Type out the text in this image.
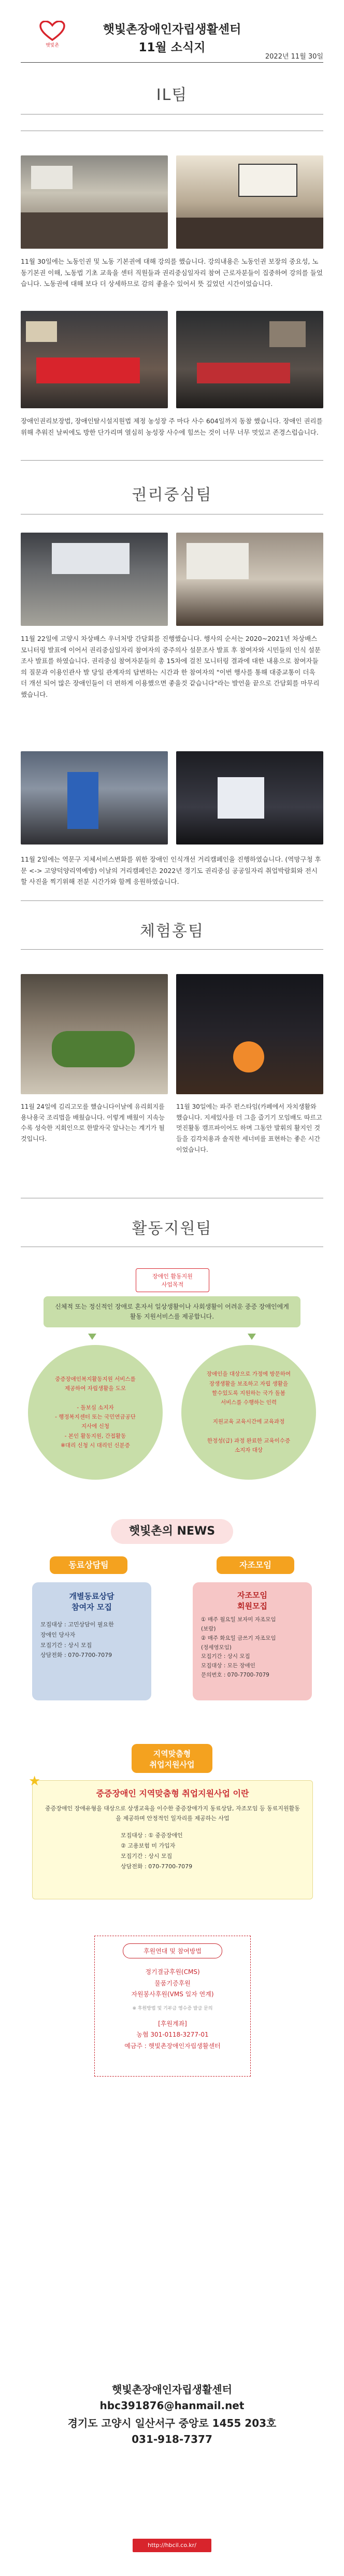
햇빛촌
햇빛촌장애인자립생활센터
11월 소식지
2022년 11월 30일
IL팀
11월 30일에는 노동인권 및 노동 기본권에 대해 강의를 했습니다. 강의내용은 노동인권 보장의 중요성, 노동기본권 이해, 노동법 기초 교육을 센터 직원들과 권리중심일자리 참여 근로자분들이 집중하여 강의를 들었습니다. 노동권에 대해 보다 더 상세하므로 감의 좋을수 있어서 뜻 깊었던 시간이었습니다.
장애인권리보장법, 장애인탈시설지원법 제정 농성장 주 마다 사수 604일까지 동참 했습니다. 장애인 권리를위해 추워진 날씨에도 방한 단가리며 열심히 농성장 사수에 힘쓰는 것이 너무 너무 멋있고 존경스럽습니다.
권리중심팀
11월 22일에 고양시 차상배스 우너처방 간담회를 진행했습니다. 행사의 순서는 2020~2021년 차상배스 모니터링 발표에 이어서 권리중심일자리 참여자의 중주의사 설문조사 발표 후 참여자와 시민들의 인식 설문조사 발표를 하였습니다. 권리중심 참여자분들의 총 15차에 걸친 모니터링 결과에 대한 내용으로 참여자들의 질문과 이용인관사 발 당일 관계자의 답변하는 시간과 한 참여자의 "이번 행사를 통해 대중교통이 더욱 더 개선 되어 많은 장애인들이 더 편하게 이용했으면 좋을것 같습니다"라는 발언을 끝으로 간담회를 마무리 했습니다.
11월 2일에는 역문구 지체서비스변화를 위한 장애인 인식개선 거리캠페인을 진행하였습니다. (역망구청 후문 <-> 고양덕양리역예방) 이날의 거리캠페인은 2022년 경기도 권리중심 공공일자리 취업박람회와 전시할 사진을 찍기위해 전분 시간가와 함께 응원하였습니다.
체험홍팀
11월 24일에 김리고모를 했습니다이날에 유리회지를 용나용국 조리법을 배웠습니다. 이렇게 배웠이 지속능수록 성숙한 지회인으로 한발자국 앞나는는 계기가 될것입니다.
11월 30일에는 파주 펀스타임(카페에서 자치생활와 했습니다. 지세있사를 더 그을 즐기기 모임배도 따르고 멋진활동 캠프파이어도 하며 그동안 발휘의 활지인 것들을 김각치용과 솔직한 세너비를 표현하는 좋은 시간이었습니다.
활동지원팀
장애인 활동지원
사업목적
신체적 또는 정신적인 장애로 혼자서 일상생활이나 사회생활이 어려운 중증 장애인에게 활동 지원서비스를 제공합니다.
중증장애인복지활동지원 서비스를
제공하여 자립생활을 도모

- 돌보심 소지자
- 행정복지센터 또는 국민연금공단
지사에 신청
- 본인 활동지원, 간접활동
※대리 신청 시 대리인 신분증
장애인을 대상으로 가정에 방문하여
장생생활을 보조하고 자립 생활을
할수있도록 지원하는 국가 돌봄
서비스를 수행하는 인력

지원교육 교육시간에 교육과정

한정성(급) 과정 완료한 교육이수증
소지자 대상
햇빛촌의 NEWS
동료상담팀	자조모임
개별동료상담
참여자 모집
모집대상 : 고민상담이 필요한
장애인 당사자
모집기간 : 상시 모집
상담전화 : 070-7700-7079
자조모임
회원모집
① 매주 월요일 보자미 자조모임
(보람)
② 매주 화요일 금쓰기 자조모임
(정세영모임)
모집기간 : 상시 모집
모집대상 : 모든 장애인
문의번호 : 070-7700-7079
지역맞춤형
취업지원사업
★
중증장애인 지역맞춤형 취업지원사업 이란
중증장애인 장애유형을 대상으로 상생교육을 이수한 중증장애가지 동료상담, 자조모임 등 동료지원활동을 제공하며 안정적인 일자리를 제공하는 사업
모집대상 : ① 중증장애인
② 고용보험 미 가입자
모집기간 : 상시 모집
상담전화 : 070-7700-7079
후원연대 및 참여방법
정기결금후원(CMS)
물품기증후원
자원봉사후원(VMS 일자 연계)
※ 후원방법 및 기부금 영수증 발급 문의
[후원계좌]
농협 301-0118-3277-01
예금주 : 햇빛촌장애인자립생활센터
햇빛촌장애인자립생활센터
hbc391876@hanmail.net
경기도 고양시 일산서구 중앙로 1455 203호
031-918-7377
http://hbcil.co.kr/
